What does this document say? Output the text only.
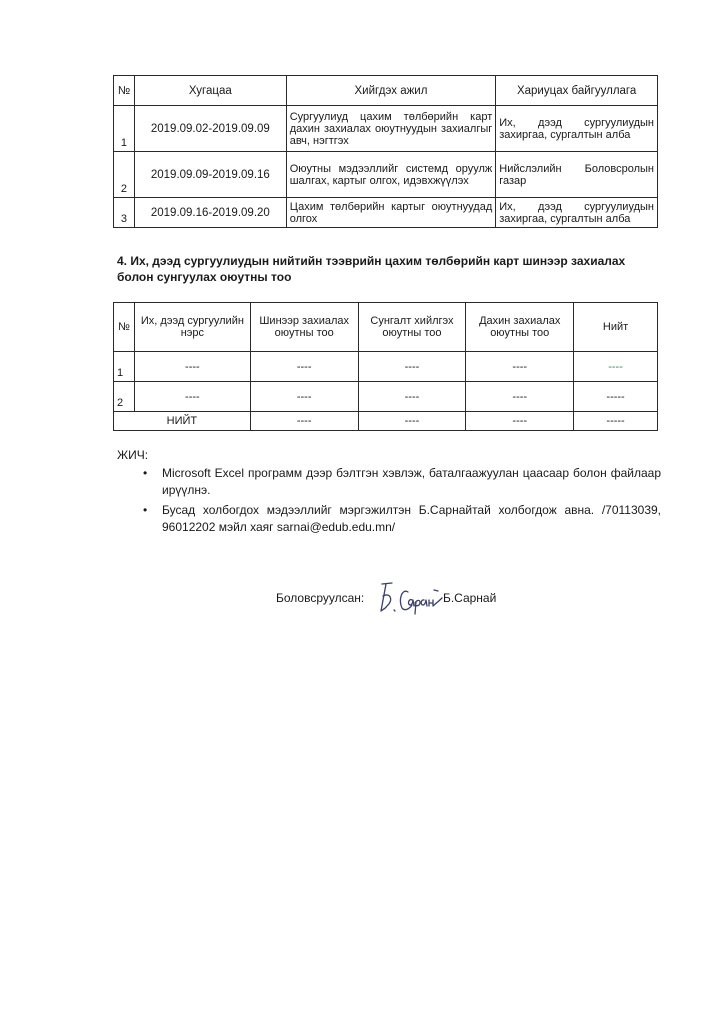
№	Хугацаа	Хийгдэх ажил	Хариуцах байгууллага
1	2019.09.02-2019.09.09	Сургуулиуд цахим төлбөрийн карт дахин захиалах оюутнуудын захиалгыг авч, нэгтгэх	Их, дээд сургуулиудын захиргаа, сургалтын алба
2	2019.09.09-2019.09.16	Оюутны мэдээллийг системд оруулж шалгах, картыг олгох, идэвхжүүлэх	Нийслэлийн Боловсролын газар
3	2019.09.16-2019.09.20	Цахим төлбөрийн картыг оюутнуудад олгох	Их, дээд сургуулиудын захиргаа, сургалтын алба
4. Их, дээд сургуулиудын нийтийн тээврийн цахим төлбөрийн карт шинээр захиалах болон сунгуулах оюутны тоо
№	Их, дээд сургуулийн нэрс	Шинээр захиалах оюутны тоо	Сунгалт хийлгэх оюутны тоо	Дахин захиалах оюутны тоо	Нийт
1	----	----	----	----	----
2	----	----	----	----	-----
НИЙТ		----	----	----	-----
ЖИЧ:
• Microsoft Excel программ дээр бэлтгэн хэвлэж, баталгаажуулан цаасаар болон файлаар ирүүлнэ.
• Бусад холбогдох мэдээллийг мэргэжилтэн Б.Сарнайтай холбогдож авна. /70113039, 96012202 мэйл хаяг sarnai@edub.edu.mn/
Боловсруулсан:	Б.Сарнай
